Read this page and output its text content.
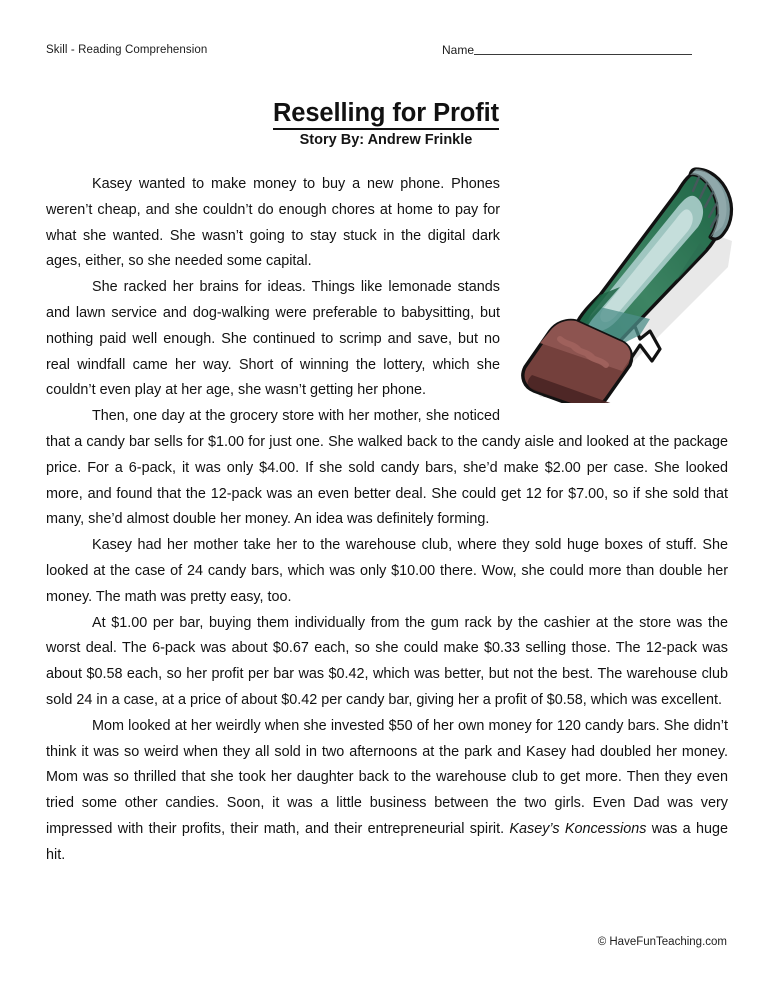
Skill - Reading Comprehension	Name
Reselling for Profit
Story By: Andrew Frinkle

Kasey wanted to make money to buy a new phone. Phones weren’t cheap, and she couldn’t do enough chores at home to pay for what she wanted. She wasn’t going to stay stuck in the digital dark ages, either, so she needed some capital.

She racked her brains for ideas. Things like lemonade stands and lawn service and dog-walking were preferable to babysitting, but nothing paid well enough. She continued to scrimp and save, but no real windfall came her way. Short of winning the lottery, which she couldn’t even play at her age, she wasn’t getting her phone.

Then, one day at the grocery store with her mother, she noticed that a candy bar sells for $1.00 for just one. She walked back to the candy aisle and looked at the package price. For a 6-pack, it was only $4.00. If she sold candy bars, she’d make $2.00 per case. She looked more, and found that the 12-pack was an even better deal. She could get 12 for $7.00, so if she sold that many, she’d almost double her money. An idea was definitely forming.

Kasey had her mother take her to the warehouse club, where they sold huge boxes of stuff. She looked at the case of 24 candy bars, which was only $10.00 there. Wow, she could more than double her money. The math was pretty easy, too.

At $1.00 per bar, buying them individually from the gum rack by the cashier at the store was the worst deal. The 6-pack was about $0.67 each, so she could make $0.33 selling those. The 12-pack was about $0.58 each, so her profit per bar was $0.42, which was better, but not the best. The warehouse club sold 24 in a case, at a price of about $0.42 per candy bar, giving her a profit of $0.58, which was excellent.

Mom looked at her weirdly when she invested $50 of her own money for 120 candy bars. She didn’t think it was so weird when they all sold in two afternoons at the park and Kasey had doubled her money. Mom was so thrilled that she took her daughter back to the warehouse club to get more. Then they even tried some other candies. Soon, it was a little business between the two girls. Even Dad was very impressed with their profits, their math, and their entrepreneurial spirit. Kasey’s Koncessions was a huge hit.

© HaveFunTeaching.com
